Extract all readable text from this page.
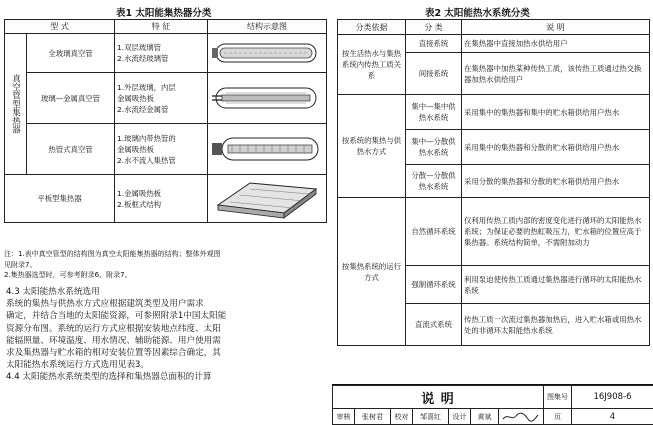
表1 太阳能集热器分类
型 式		特 征	结构示意图

真空管型集热器	全玻璃真空管	1.双层玻璃管
2.水流经玻璃管

	玻璃—金属真空管	1.外层玻璃，内层
金属吸热板
2.水流经金属管

	热管式真空管	1.玻璃内带热管的
金属吸热板
2.水不流入集热管

平板型集热器		1.金属吸热板
2.板框式结构

注：1.表中真空管型的结构图为真空太阳能集热器的结构；整体外观图
见附录7。
2.集热器选型时，可参考附录6、附录7。
4.3 太阳能热水系统选用
系统的集热与供热水方式应根据建筑类型及用户需求
确定，并结合当地的太阳能资源，可参照附录1中国太阳能
资源分布图。系统的运行方式应根据安装地点纬度、太阳
能辐照量、环境温度、用水情况、辅助能源、用户使用需
求及集热器与贮水箱的相对安装位置等因素综合确定，其
太阳能热水系统运行方式选用见表3。
4.4 太阳能热水系统类型的选择和集热器总面积的计算
表2 太阳能热水系统分类
分类依据	分 类	说 明
按生活热水与集热系统内传热工质关系	直接系统	在集热器中直接加热水供给用户
	间接系统	在集热器中加热某种传热工质，该传热工质通过热交换器加热水供给用户
按系统的集热与供热水方式	集中—集中供热水系统	采用集中的集热器和集中的贮水箱供给用户热水
	集中—分散供热水系统	采用集中的集热器和分散的贮水箱供给用户热水
	分散—分散供热水系统	采用分散的集热器和分散的贮水箱供给用户热水
按集热系统的运行方式	自然循环系统	仅利用传热工质内部的密度变化进行循环的太阳能热水系统；为保证必要的热虹吸压力，贮水箱的位置应高于集热器。系统结构简单，不需附加动力
	强制循环系统	利用泵迫使传热工质通过集热器进行循环的太阳能热水系统
	直流式系统	传热工质一次流过集热器加热后，进入贮水箱或用热水处的非循环太阳能热水系统
说 明							图集号	16J908-6
审核	张树君	校对	邹喜红	设计	黄斌		页	4
